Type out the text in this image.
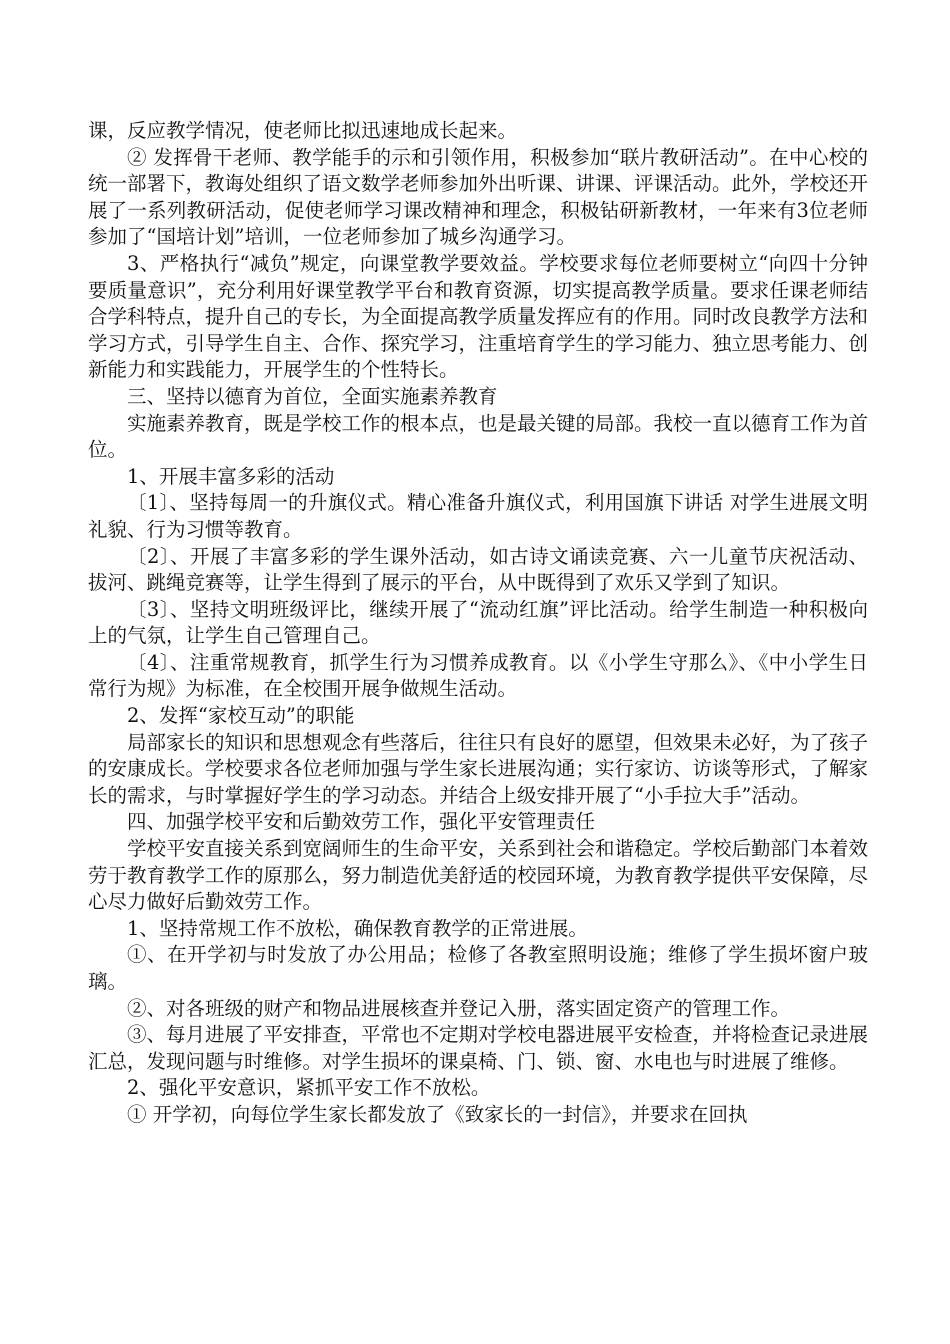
课，反应教学情况，使老师比拟迅速地成长起来。

② 发挥骨干老师、教学能手的示和引领作用，积极参加“联片教研活动”。在中心校的统一部署下，教诲处组织了语文数学老师参加外出听课、讲课、评课活动。此外，学校还开展了一系列教研活动，促使老师学习课改精神和理念，积极钻研新教材，一年来有3位老师参加了“国培计划”培训，一位老师参加了城乡沟通学习。

3、严格执行“减负”规定，向课堂教学要效益。学校要求每位老师要树立“向四十分钟要质量意识”，充分利用好课堂教学平台和教育资源，切实提高教学质量。要求任课老师结合学科特点，提升自己的专长，为全面提高教学质量发挥应有的作用。同时改良教学方法和学习方式，引导学生自主、合作、探究学习，注重培育学生的学习能力、独立思考能力、创新能力和实践能力，开展学生的个性特长。

三、坚持以德育为首位，全面实施素养教育

实施素养教育，既是学校工作的根本点，也是最关键的局部。我校一直以德育工作为首位。

1、开展丰富多彩的活动

〔1〕、坚持每周一的升旗仪式。精心准备升旗仪式，利用国旗下讲话 对学生进展文明礼貌、行为习惯等教育。

〔2〕、开展了丰富多彩的学生课外活动，如古诗文诵读竞赛、六一儿童节庆祝活动、拔河、跳绳竞赛等，让学生得到了展示的平台，从中既得到了欢乐又学到了知识。

〔3〕、坚持文明班级评比，继续开展了“流动红旗”评比活动。给学生制造一种积极向上的气氛，让学生自己管理自己。

〔4〕、注重常规教育，抓学生行为习惯养成教育。以《小学生守那么》、《中小学生日常行为规》为标准，在全校围开展争做规生活动。

2、发挥“家校互动”的职能

局部家长的知识和思想观念有些落后，往往只有良好的愿望，但效果未必好，为了孩子的安康成长。学校要求各位老师加强与学生家长进展沟通；实行家访、访谈等形式，了解家长的需求，与时掌握好学生的学习动态。并结合上级安排开展了“小手拉大手”活动。

四、加强学校平安和后勤效劳工作，强化平安管理责任

学校平安直接关系到宽阔师生的生命平安，关系到社会和谐稳定。学校后勤部门本着效劳于教育教学工作的原那么，努力制造优美舒适的校园环境，为教育教学提供平安保障，尽心尽力做好后勤效劳工作。

1、坚持常规工作不放松，确保教育教学的正常进展。

①、在开学初与时发放了办公用品；检修了各教室照明设施；维修了学生损坏窗户玻璃。

②、对各班级的财产和物品进展核查并登记入册，落实固定资产的管理工作。

③、每月进展了平安排查，平常也不定期对学校电器进展平安检查，并将检查记录进展汇总，发现问题与时维修。对学生损坏的课桌椅、门、锁、窗、水电也与时进展了维修。

2、强化平安意识，紧抓平安工作不放松。

① 开学初，向每位学生家长都发放了《致家长的一封信》，并要求在回执
